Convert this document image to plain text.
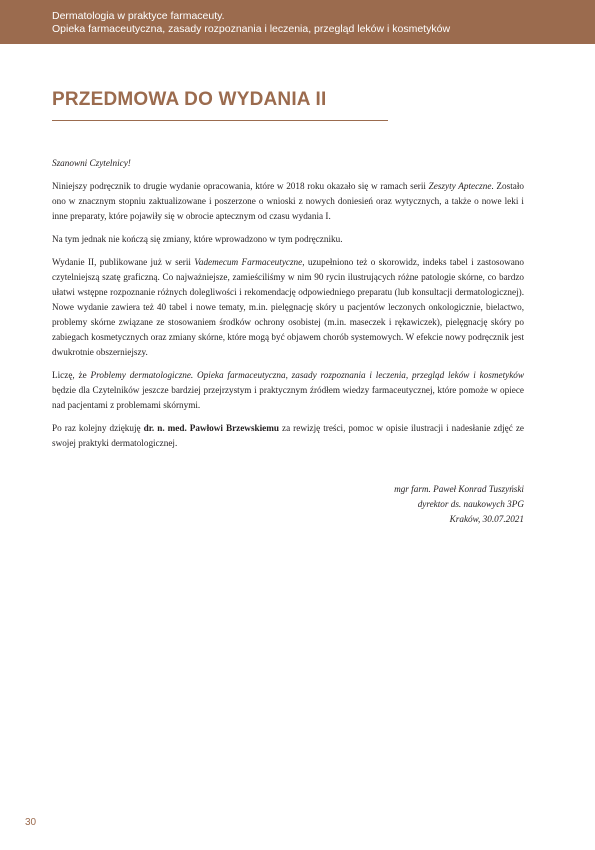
Dermatologia w praktyce farmaceuty.
Opieka farmaceutyczna, zasady rozpoznania i leczenia, przegląd leków i kosmetyków
PRZEDMOWA DO WYDANIA II

Szanowni Czytelnicy!

Niniejszy podręcznik to drugie wydanie opracowania, które w 2018 roku okazało się w ramach serii Zeszyty Apteczne. Zostało ono w znacznym stopniu zaktualizowane i poszerzone o wnioski z nowych doniesień oraz wytycznych, a także o nowe leki i inne preparaty, które pojawiły się w obrocie aptecznym od czasu wydania I.

Na tym jednak nie kończą się zmiany, które wprowadzono w tym podręczniku.

Wydanie II, publikowane już w serii Vademecum Farmaceutyczne, uzupełniono też o skorowidz, indeks tabel i zastosowano czytelniejszą szatę graficzną. Co najważniejsze, zamieściliśmy w nim 90 rycin ilustrujących różne patologie skórne, co bardzo ułatwi wstępne rozpoznanie różnych dolegliwości i rekomendację odpowiedniego preparatu (lub konsultacji dermatologicznej). Nowe wydanie zawiera też 40 tabel i nowe tematy, m.in. pielęgnację skóry u pacjentów leczonych onkologicznie, bielactwo, problemy skórne związane ze stosowaniem środków ochrony osobistej (m.in. maseczek i rękawiczek), pielęgnację skóry po zabiegach kosmetycznych oraz zmiany skórne, które mogą być objawem chorób systemowych. W efekcie nowy podręcznik jest dwukrotnie obszerniejszy.

Liczę, że Problemy dermatologiczne. Opieka farmaceutyczna, zasady rozpoznania i leczenia, przegląd leków i kosmetyków będzie dla Czytelników jeszcze bardziej przejrzystym i praktycznym źródłem wiedzy farmaceutycznej, które pomoże w opiece nad pacjentami z problemami skórnymi.

Po raz kolejny dziękuję dr. n. med. Pawłowi Brzewskiemu za rewizję treści, pomoc w opisie ilustracji i nadesłanie zdjęć ze swojej praktyki dermatologicznej.

mgr farm. Paweł Konrad Tuszyński
dyrektor ds. naukowych 3PG
Kraków, 30.07.2021
30
